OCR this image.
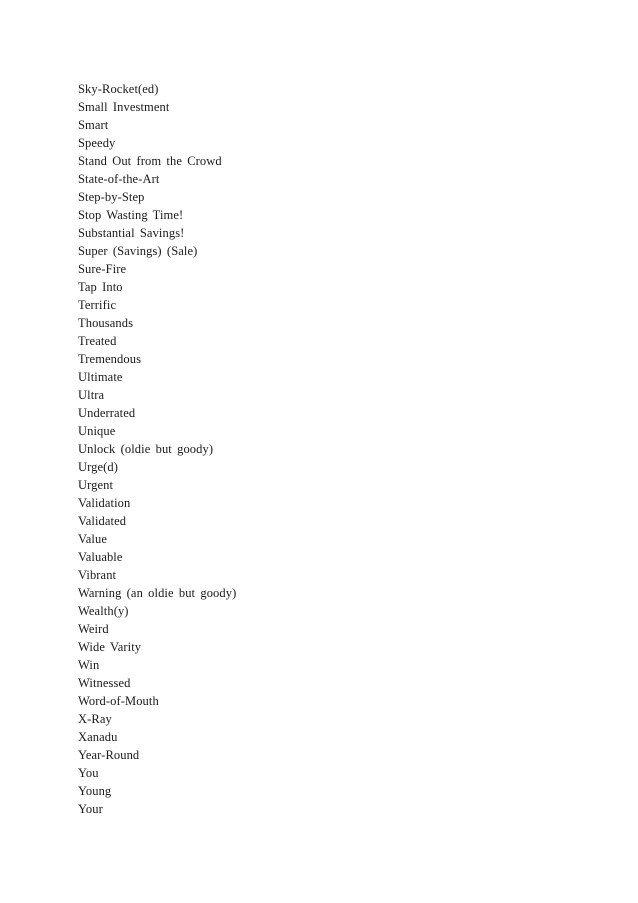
Sky-Rocket(ed)
Small Investment
Smart
Speedy
Stand Out from the Crowd
State-of-the-Art
Step-by-Step
Stop Wasting Time!
Substantial Savings!
Super (Savings) (Sale)
Sure-Fire
Tap Into
Terrific
Thousands
Treated
Tremendous
Ultimate
Ultra
Underrated
Unique
Unlock (oldie but goody)
Urge(d)
Urgent
Validation
Validated
Value
Valuable
Vibrant
Warning (an oldie but goody)
Wealth(y)
Weird
Wide Varity
Win
Witnessed
Word-of-Mouth
X-Ray
Xanadu
Year-Round
You
Young
Your
